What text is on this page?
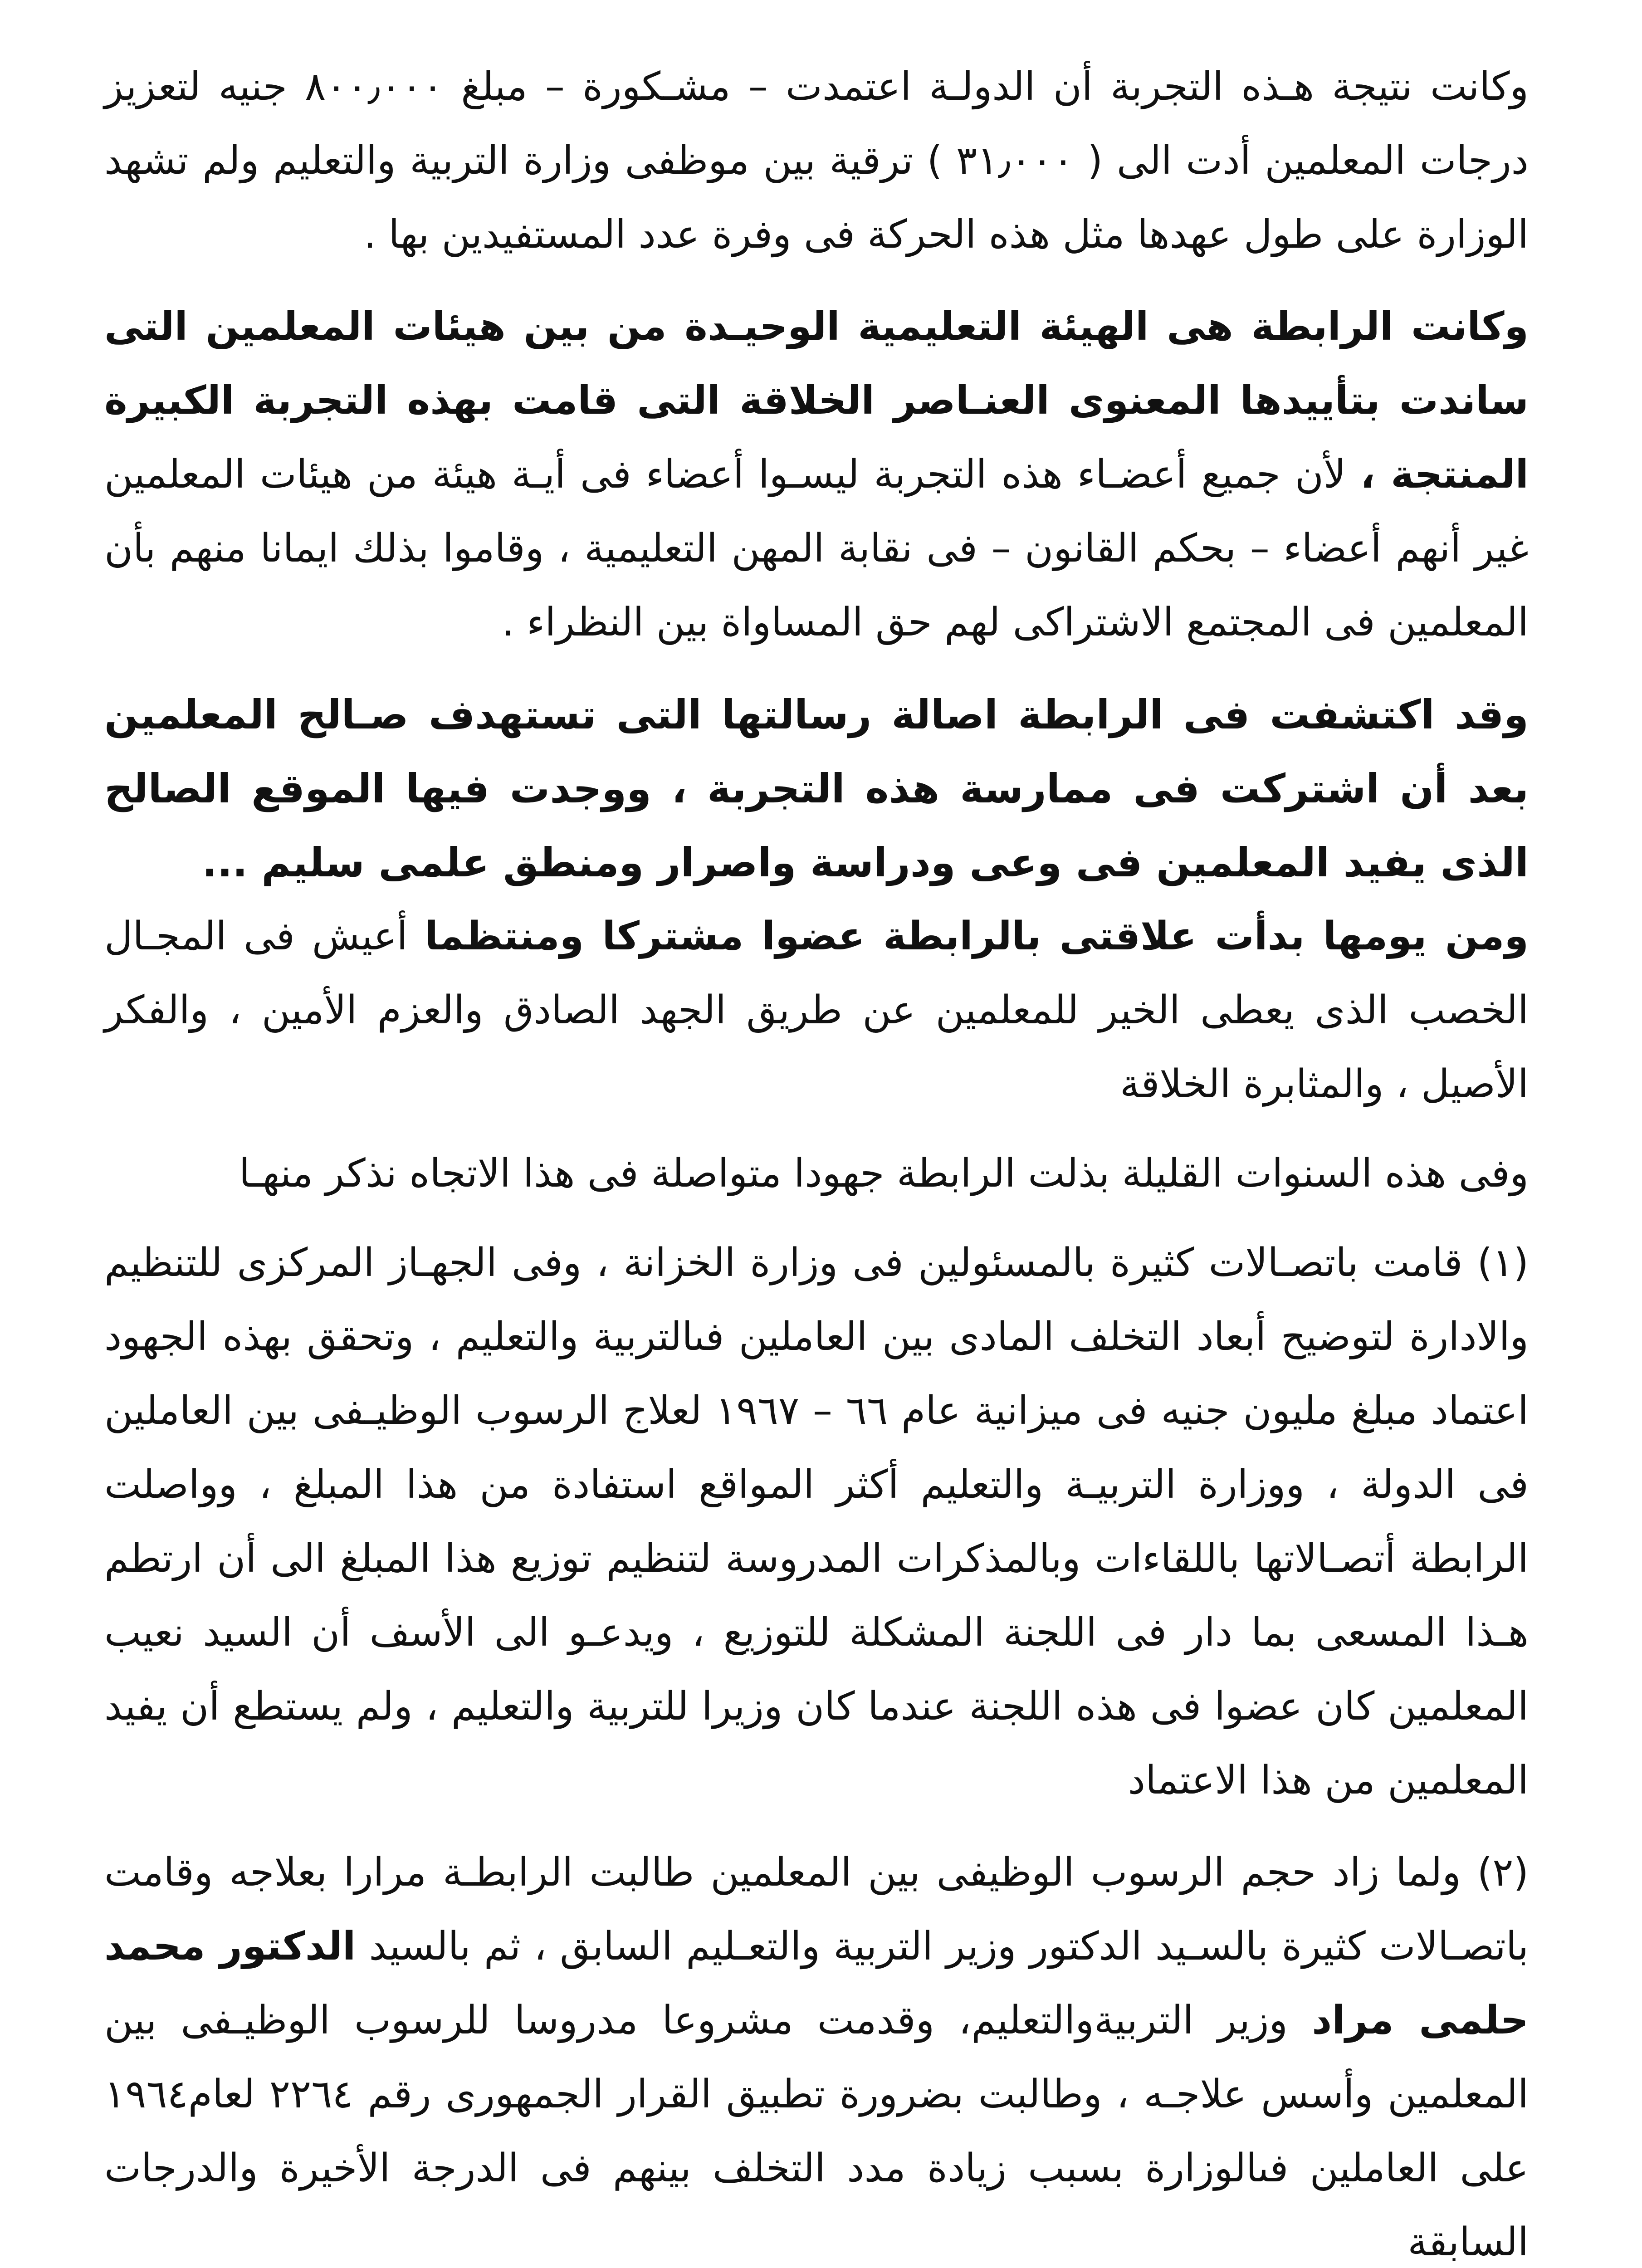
وكانت نتيجة هـذه التجربة أن الدولـة اعتمدت – مشـكورة – مبلغ ٨٠٠٫٠٠٠ جنيه لتعزيز درجات المعلمين أدت الى ( ٣١٫٠٠٠ ) ترقية بين موظفى وزارة التربية والتعليم ولم تشهد الوزارة على طول عهدها مثل هذه الحركة فى وفرة عدد المستفيدين بها .

وكانت الرابطة هى الهيئة التعليمية الوحيـدة من بين هيئات المعلمين التى ساندت بتأييدها المعنوى العنـاصر الخلاقة التى قامت بهذه التجربة الكبيرة المنتجة ، لأن جميع أعضـاء هذه التجربة ليسـوا أعضاء فى أيـة هيئة من هيئات المعلمين غير أنهم أعضاء – بحكم القانون – فى نقابة المهن التعليمية ، وقاموا بذلك ايمانا منهم بأن المعلمين فى المجتمع الاشتراكى لهم حق المساواة بين النظراء .

وقد اكتشفت فى الرابطة اصالة رسالتها التى تستهدف صـالح المعلمين بعد أن اشتركت فى ممارسة هذه التجربة ، ووجدت فيها الموقع الصالح الذى يفيد المعلمين فى وعى ودراسة واصرار ومنطق علمى سليم ...

ومن يومها بدأت علاقتى بالرابطة عضوا مشتركا ومنتظما أعيش فى المجـال الخصب الذى يعطى الخير للمعلمين عن طريق الجهد الصادق والعزم الأمين ، والفكر الأصيل ، والمثابرة الخلاقة

وفى هذه السنوات القليلة بذلت الرابطة جهودا متواصلة فى هذا الاتجاه نذكر منهـا

(١) قامت باتصـالات كثيرة بالمسئولين فى وزارة الخزانة ، وفى الجهـاز المركزى للتنظيم والادارة لتوضيح أبعاد التخلف المادى بين العاملين فىالتربية والتعليم ، وتحقق بهذه الجهود اعتماد مبلغ مليون جنيه فى ميزانية عام ٦٦ – ١٩٦٧ لعلاج الرسوب الوظيـفى بين العاملين فى الدولة ، ووزارة التربيـة والتعليم أكثر المواقع استفادة من هذا المبلغ ، وواصلت الرابطة أتصـالاتها باللقاءات وبالمذكرات المدروسة لتنظيم توزيع هذا المبلغ الى أن ارتطم هـذا المسعى بما دار فى اللجنة المشكلة للتوزيع ، ويدعـو الى الأسف أن السيد نعيب المعلمين كان عضوا فى هذه اللجنة عندما كان وزيرا للتربية والتعليم ، ولم يستطع أن يفيد المعلمين من هذا الاعتماد

(٢) ولما زاد حجم الرسوب الوظيفى بين المعلمين طالبت الرابطـة مرارا بعلاجه وقامت باتصـالات كثيرة بالسـيد الدكتور وزير التربية والتعـليم السابق ، ثم بالسيد الدكتور محمد حلمى مراد وزير التربيةوالتعليم، وقدمت مشروعا مدروسا للرسوب الوظيـفى بين المعلمين وأسس علاجـه ، وطالبت بضرورة تطبيق القرار الجمهورى رقم ٢٢٦٤ لعام١٩٦٤ على العاملين فىالوزارة بسبب زيادة مدد التخلف بينهم فى الدرجة الأخيرة والدرجات السابقة
